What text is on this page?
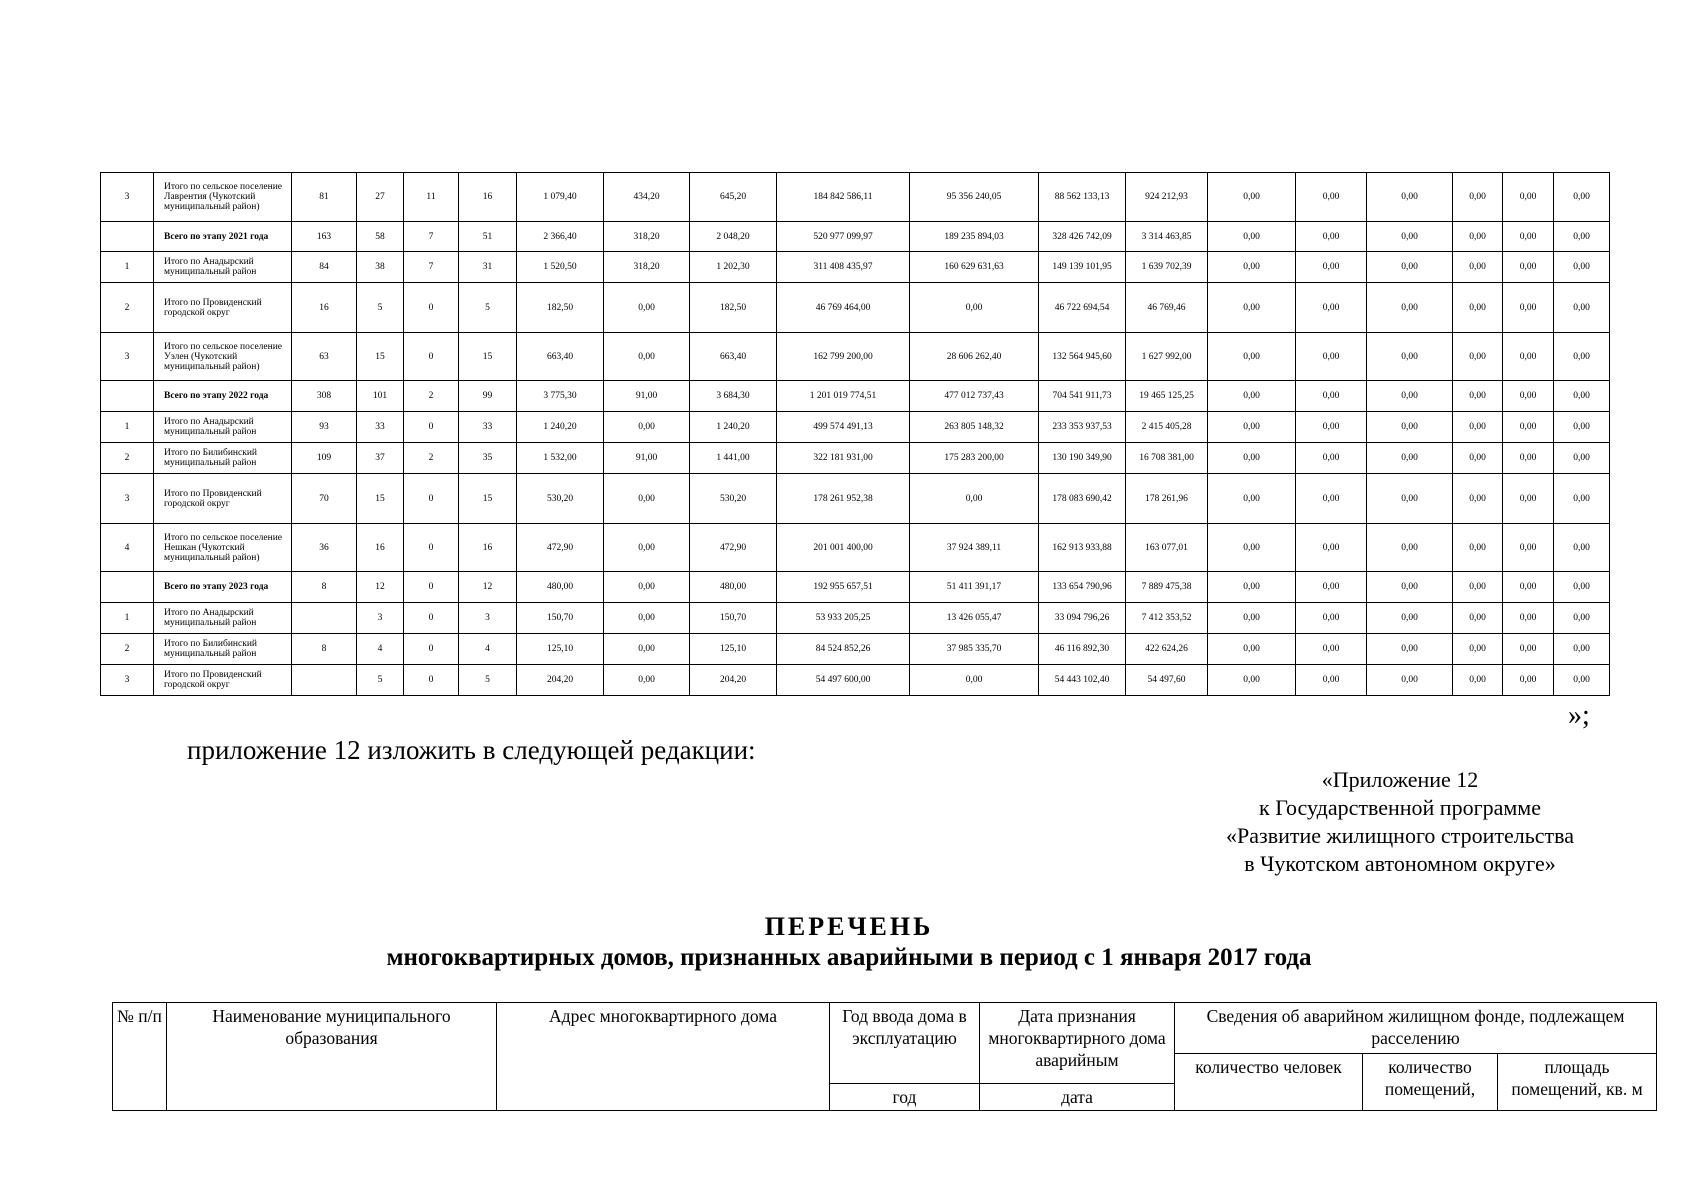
3	Итого по сельское поселение Лаврентия (Чукотский муниципальный район)	81	27	11	16	1 079,40	434,20	645,20	184 842 586,11	95 356 240,05	88 562 133,13	924 212,93	0,00	0,00	0,00	0,00	0,00	0,00
	Всего по этапу 2021 года	163	58	7	51	2 366,40	318,20	2 048,20	520 977 099,97	189 235 894,03	328 426 742,09	3 314 463,85	0,00	0,00	0,00	0,00	0,00	0,00
1	Итого по Анадырский муниципальный район	84	38	7	31	1 520,50	318,20	1 202,30	311 408 435,97	160 629 631,63	149 139 101,95	1 639 702,39	0,00	0,00	0,00	0,00	0,00	0,00
2	Итого по Провиденский городской округ	16	5	0	5	182,50	0,00	182,50	46 769 464,00	0,00	46 722 694,54	46 769,46	0,00	0,00	0,00	0,00	0,00	0,00
3	Итого по сельское поселение Уэлен (Чукотский муниципальный район)	63	15	0	15	663,40	0,00	663,40	162 799 200,00	28 606 262,40	132 564 945,60	1 627 992,00	0,00	0,00	0,00	0,00	0,00	0,00
	Всего по этапу 2022 года	308	101	2	99	3 775,30	91,00	3 684,30	1 201 019 774,51	477 012 737,43	704 541 911,73	19 465 125,25	0,00	0,00	0,00	0,00	0,00	0,00
1	Итого по Анадырский муниципальный район	93	33	0	33	1 240,20	0,00	1 240,20	499 574 491,13	263 805 148,32	233 353 937,53	2 415 405,28	0,00	0,00	0,00	0,00	0,00	0,00
2	Итого по Билибинский муниципальный район	109	37	2	35	1 532,00	91,00	1 441,00	322 181 931,00	175 283 200,00	130 190 349,90	16 708 381,00	0,00	0,00	0,00	0,00	0,00	0,00
3	Итого по Провиденский городской округ	70	15	0	15	530,20	0,00	530,20	178 261 952,38	0,00	178 083 690,42	178 261,96	0,00	0,00	0,00	0,00	0,00	0,00
4	Итого по сельское поселение Нешкан (Чукотский муниципальный район)	36	16	0	16	472,90	0,00	472,90	201 001 400,00	37 924 389,11	162 913 933,88	163 077,01	0,00	0,00	0,00	0,00	0,00	0,00
	Всего по этапу 2023 года	8	12	0	12	480,00	0,00	480,00	192 955 657,51	51 411 391,17	133 654 790,96	7 889 475,38	0,00	0,00	0,00	0,00	0,00	0,00
1	Итого по Анадырский муниципальный район		3	0	3	150,70	0,00	150,70	53 933 205,25	13 426 055,47	33 094 796,26	7 412 353,52	0,00	0,00	0,00	0,00	0,00	0,00
2	Итого по Билибинский муниципальный район	8	4	0	4	125,10	0,00	125,10	84 524 852,26	37 985 335,70	46 116 892,30	422 624,26	0,00	0,00	0,00	0,00	0,00	0,00
3	Итого по Провиденский городской округ		5	0	5	204,20	0,00	204,20	54 497 600,00	0,00	54 443 102,40	54 497,60	0,00	0,00	0,00	0,00	0,00	0,00
»;
приложение 12 изложить в следующей редакции:
«Приложение 12
к Государственной программе
«Развитие жилищного строительства
в Чукотском автономном округе»
ПЕРЕЧЕНЬ
многоквартирных домов, признанных аварийными в период с 1 января 2017 года
№ п/п	Наименование муниципального образования	Адрес многоквартирного дома	Год ввода дома в эксплуатацию	Дата признания многоквартирного дома аварийным	Сведения об аварийном жилищном фонде, подлежащем расселению		
					количество человек	количество помещений,	площадь помещений, кв. м
			год	дата			
